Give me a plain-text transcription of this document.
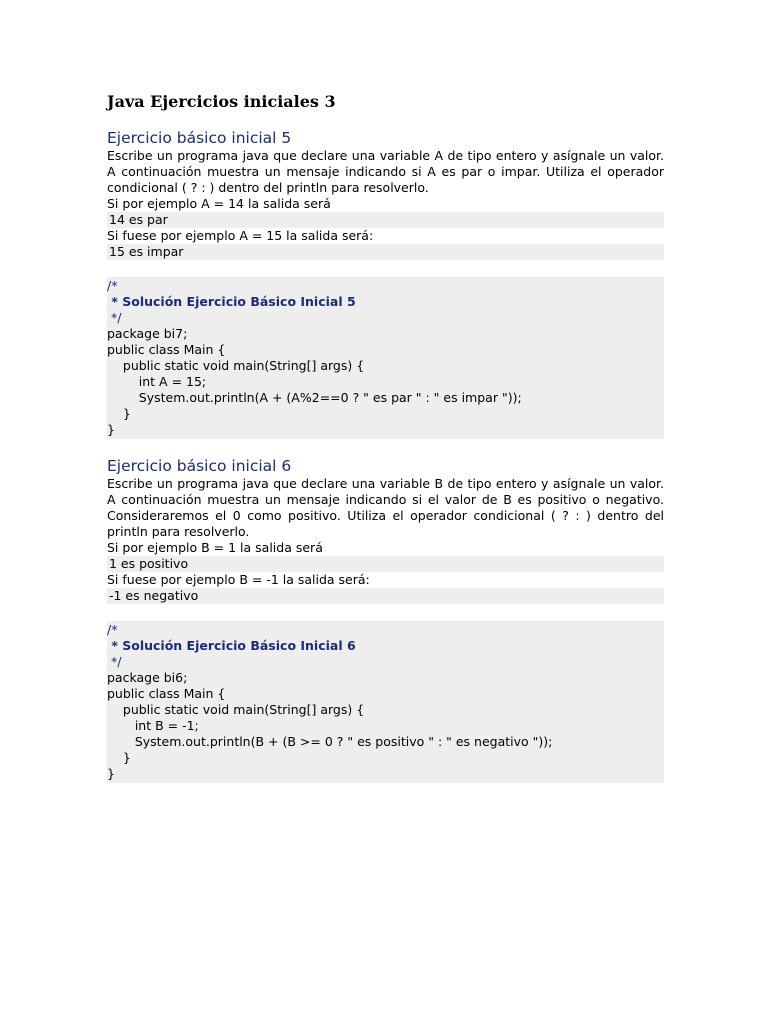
Java Ejercicios iniciales 3
Ejercicio básico inicial 5

Escribe un programa java que declare una variable A de tipo entero y asígnale un valor. A continuación muestra un mensaje indicando si A es par o impar. Utiliza el operador condicional ( ? : ) dentro del println para resolverlo.

Si por ejemplo A = 14 la salida será

14 es par

Si fuese por ejemplo A = 15 la salida será:

15 es impar
/*
* Solución Ejercicio Básico Inicial 5
*/
package bi7;
public class Main {
public static void main(String[] args) {
int A = 15;
System.out.println(A + (A%2==0 ? " es par " : " es impar "));
}
}
Ejercicio básico inicial 6

Escribe un programa java que declare una variable B de tipo entero y asígnale un valor. A continuación muestra un mensaje indicando si el valor de B es positivo o negativo. Consideraremos el 0 como positivo. Utiliza el operador condicional ( ? : ) dentro del println para resolverlo.

Si por ejemplo B = 1 la salida será

1 es positivo

Si fuese por ejemplo B = -1 la salida será:

-1 es negativo
/*
* Solución Ejercicio Básico Inicial 6
*/
package bi6;
public class Main {
public static void main(String[] args) {
int B = -1;
System.out.println(B + (B >= 0 ? " es positivo " : " es negativo "));
}
}
